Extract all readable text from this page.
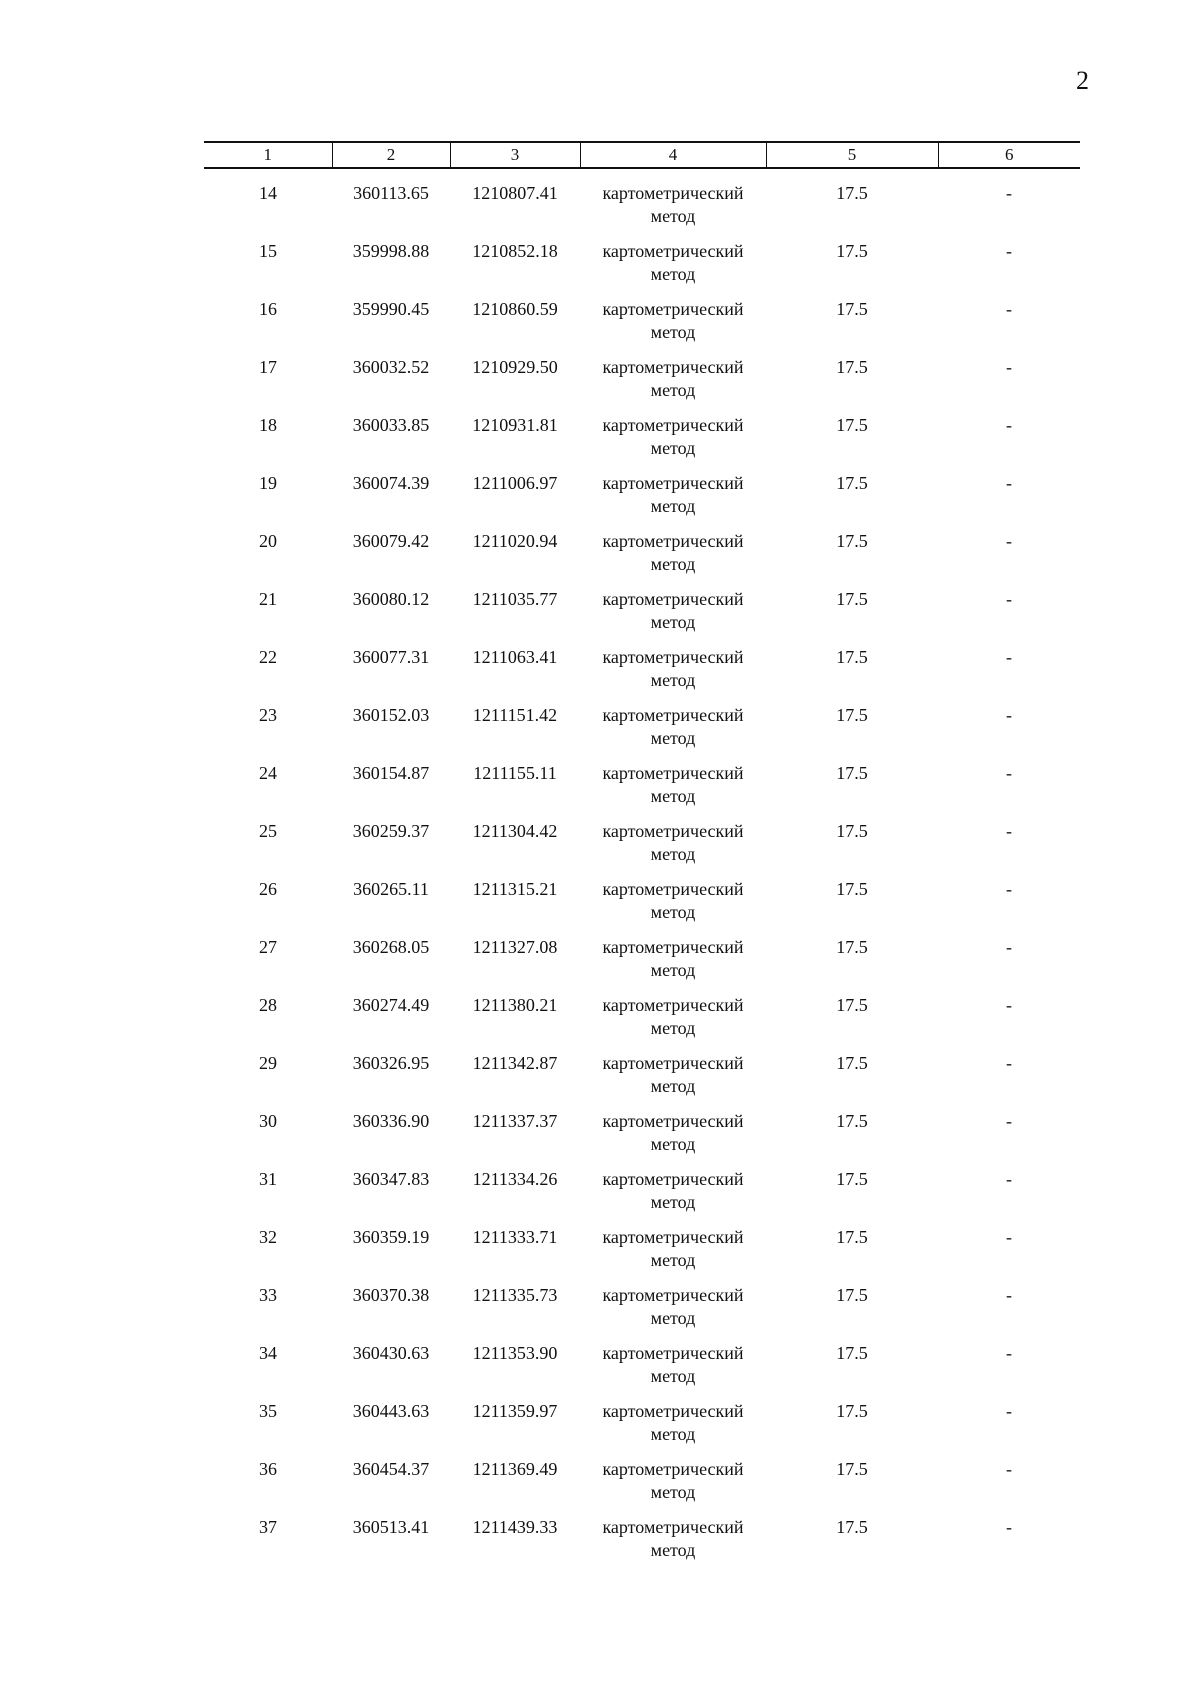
2
1	2	3	4	5	6

14	360113.65	1210807.41	картометрический метод	17.5	-
15	359998.88	1210852.18	картометрический метод	17.5	-
16	359990.45	1210860.59	картометрический метод	17.5	-
17	360032.52	1210929.50	картометрический метод	17.5	-
18	360033.85	1210931.81	картометрический метод	17.5	-
19	360074.39	1211006.97	картометрический метод	17.5	-
20	360079.42	1211020.94	картометрический метод	17.5	-
21	360080.12	1211035.77	картометрический метод	17.5	-
22	360077.31	1211063.41	картометрический метод	17.5	-
23	360152.03	1211151.42	картометрический метод	17.5	-
24	360154.87	1211155.11	картометрический метод	17.5	-
25	360259.37	1211304.42	картометрический метод	17.5	-
26	360265.11	1211315.21	картометрический метод	17.5	-
27	360268.05	1211327.08	картометрический метод	17.5	-
28	360274.49	1211380.21	картометрический метод	17.5	-
29	360326.95	1211342.87	картометрический метод	17.5	-
30	360336.90	1211337.37	картометрический метод	17.5	-
31	360347.83	1211334.26	картометрический метод	17.5	-
32	360359.19	1211333.71	картометрический метод	17.5	-
33	360370.38	1211335.73	картометрический метод	17.5	-
34	360430.63	1211353.90	картометрический метод	17.5	-
35	360443.63	1211359.97	картометрический метод	17.5	-
36	360454.37	1211369.49	картометрический метод	17.5	-
37	360513.41	1211439.33	картометрический метод	17.5	-
